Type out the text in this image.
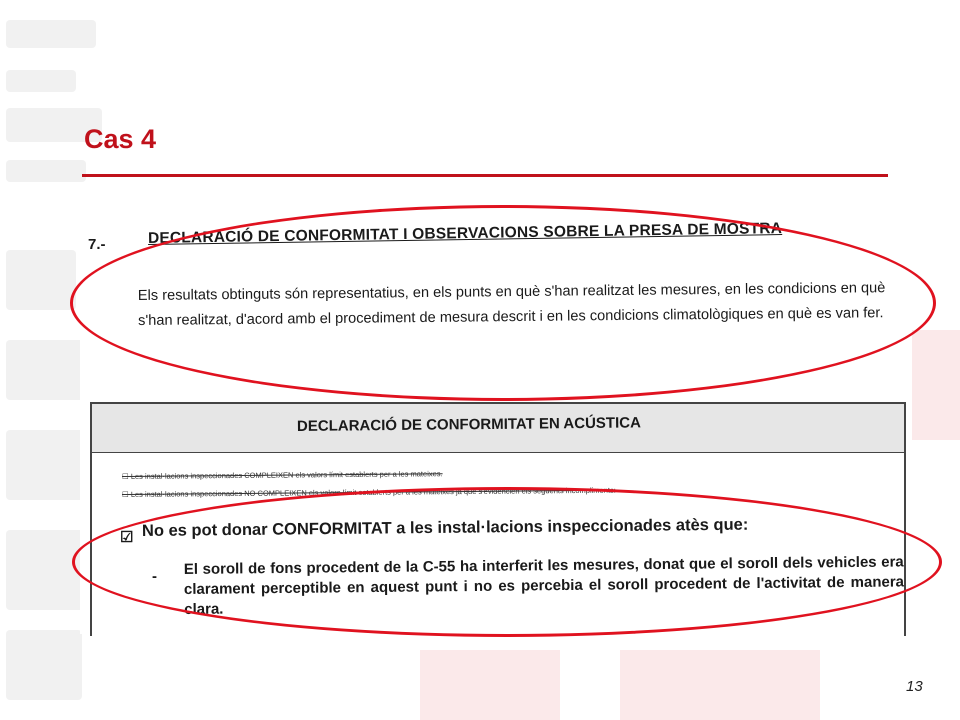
Cas 4
7.-	DECLARACIÓ DE CONFORMITAT I OBSERVACIONS SOBRE LA PRESA DE MOSTRA
Els resultats obtinguts són representatius, en els punts en què s'han realitzat les mesures, en les condicions en què s'han realitzat, d'acord amb el procediment de mesura descrit i en les condicions climatològiques en què es van fer.
DECLARACIÓ DE CONFORMITAT EN ACÚSTICA
☐ Les instal·lacions inspeccionades COMPLEIXEN els valors límit establerts per a les mateixes.
☐ Les instal·lacions inspeccionades NO COMPLEIXEN els valors límit establerts per a les mateixes ja que s'evidencien els següents incompliments:
☑ No es pot donar CONFORMITAT a les instal·lacions inspeccionades atès que:
- El soroll de fons procedent de la C-55 ha interferit les mesures, donat que el soroll dels vehicles era clarament perceptible en aquest punt i no es percebia el soroll procedent de l'activitat de manera clara.
13
